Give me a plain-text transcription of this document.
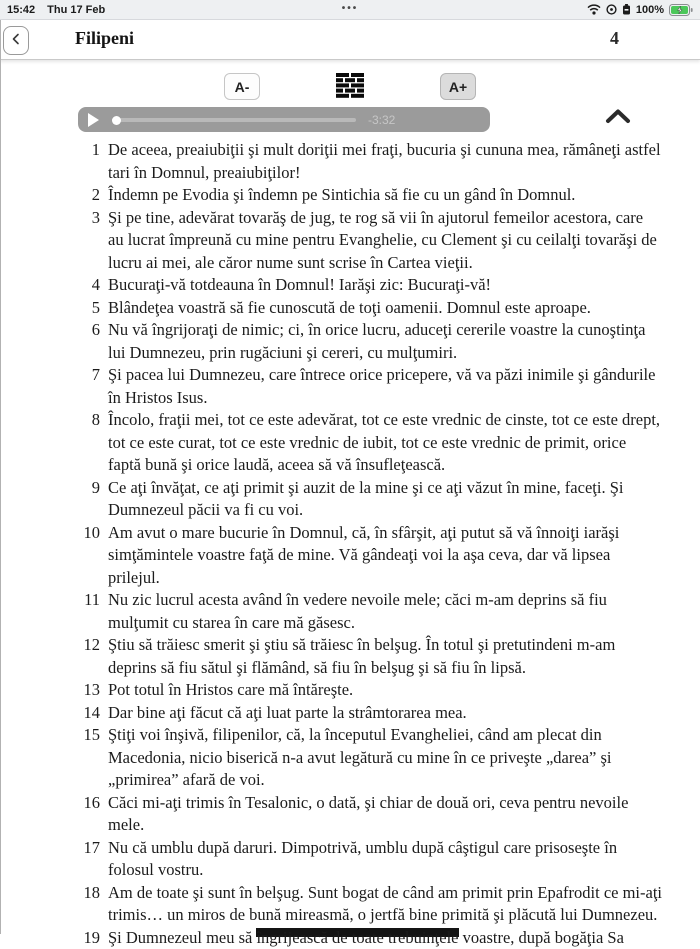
15:42 Thu 17 Feb	•••	100%
Filipeni	4
A-	A+
-3:32
1 De aceea, preaiubiţii şi mult doriţii mei fraţi, bucuria şi cununa mea, rămâneţi astfel tari în Domnul, preaiubiţilor!
2 Îndemn pe Evodia şi îndemn pe Sintichia să fie cu un gând în Domnul.
3 Şi pe tine, adevărat tovarăş de jug, te rog să vii în ajutorul femeilor acestora, care au lucrat împreună cu mine pentru Evanghelie, cu Clement şi cu ceilalţi tovarăşi de lucru ai mei, ale căror nume sunt scrise în Cartea vieţii.
4 Bucuraţi-vă totdeauna în Domnul! Iarăşi zic: Bucuraţi-vă!
5 Blândeţea voastră să fie cunoscută de toţi oamenii. Domnul este aproape.
6 Nu vă îngrijoraţi de nimic; ci, în orice lucru, aduceţi cererile voastre la cunoştinţa lui Dumnezeu, prin rugăciuni şi cereri, cu mulţumiri.
7 Şi pacea lui Dumnezeu, care întrece orice pricepere, vă va păzi inimile şi gândurile în Hristos Isus.
8 Încolo, fraţii mei, tot ce este adevărat, tot ce este vrednic de cinste, tot ce este drept, tot ce este curat, tot ce este vrednic de iubit, tot ce este vrednic de primit, orice faptă bună şi orice laudă, aceea să vă însufleţească.
9 Ce aţi învăţat, ce aţi primit şi auzit de la mine şi ce aţi văzut în mine, faceţi. Şi Dumnezeul păcii va fi cu voi.
10 Am avut o mare bucurie în Domnul, că, în sfârşit, aţi putut să vă înnoiţi iarăşi simţămintele voastre faţă de mine. Vă gândeaţi voi la aşa ceva, dar vă lipsea prilejul.
11 Nu zic lucrul acesta având în vedere nevoile mele; căci m-am deprins să fiu mulţumit cu starea în care mă găsesc.
12 Ştiu să trăiesc smerit şi ştiu să trăiesc în belşug. În totul şi pretutindeni m-am deprins să fiu sătul şi flămând, să fiu în belşug şi să fiu în lipsă.
13 Pot totul în Hristos care mă întăreşte.
14 Dar bine aţi făcut că aţi luat parte la strâmtorarea mea.
15 Ştiţi voi înşivă, filipenilor, că, la începutul Evangheliei, când am plecat din Macedonia, nicio biserică n-a avut legătură cu mine în ce priveşte „darea” şi „primirea” afară de voi.
16 Căci mi-aţi trimis în Tesalonic, o dată, şi chiar de două ori, ceva pentru nevoile mele.
17 Nu că umblu după daruri. Dimpotrivă, umblu după câştigul care prisoseşte în folosul vostru.
18 Am de toate şi sunt în belşug. Sunt bogat de când am primit prin Epafrodit ce mi-aţi trimis… un miros de bună mireasmă, o jertfă bine primită şi plăcută lui Dumnezeu.
19 Şi Dumnezeul meu să îngrijească de toate trebuinţele voastre, după bogăţia Sa
